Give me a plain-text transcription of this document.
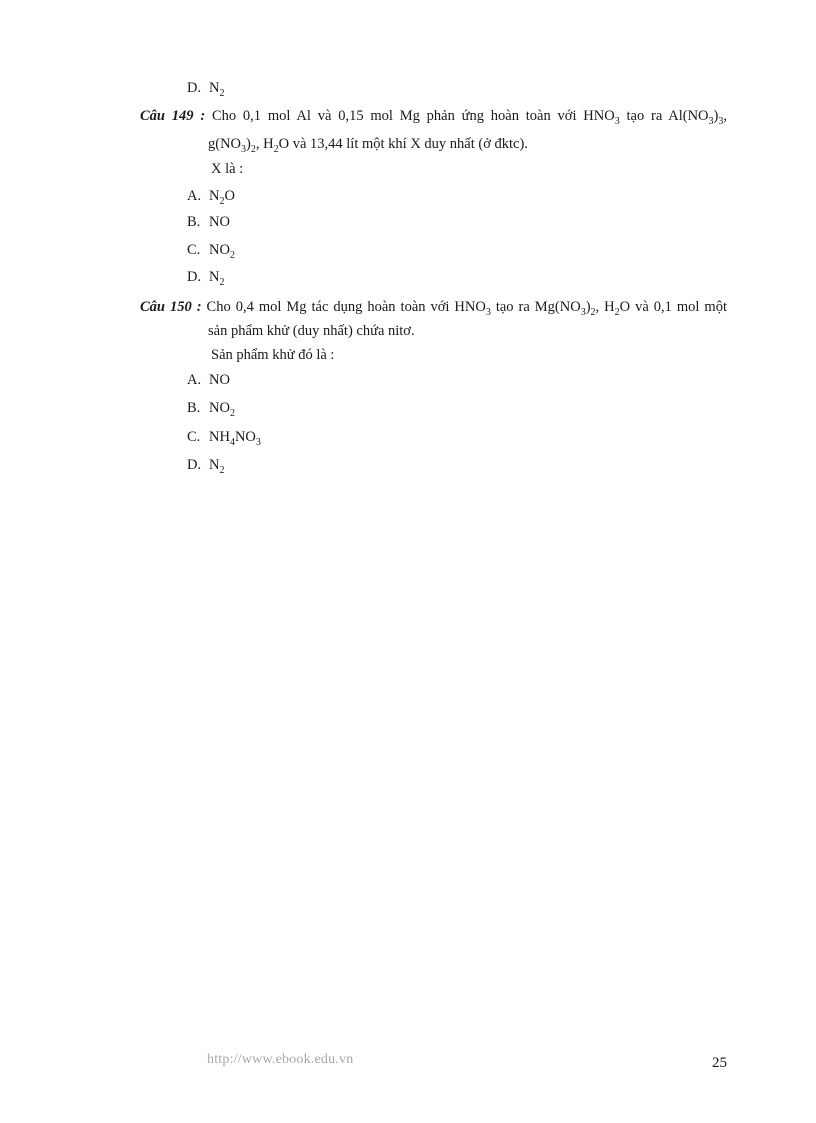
D. $N_2$
Câu 149 : Cho 0,1 mol Al và 0,15 mol Mg phản ứng hoàn toàn với $HNO_3$ tạo ra $Al(NO_3)_3$,
$g(NO_3)_2$, $H_2O$ và 13,44 lít một khí X duy nhất (ở đktc).
X là :
A. $N_2O$
B. NO
C. $NO_2$
D. $N_2$
Câu 150 : Cho 0,4 mol Mg tác dụng hoàn toàn với $HNO_3$ tạo ra $Mg(NO_3)_2$, $H_2O$ và 0,1 mol một
sản phẩm khử (duy nhất) chứa nitơ.
Sản phẩm khử đó là :
A. NO
B. $NO_2$
C. $NH_4NO_3$
D. $N_2$
http://www.ebook.edu.vn	25
